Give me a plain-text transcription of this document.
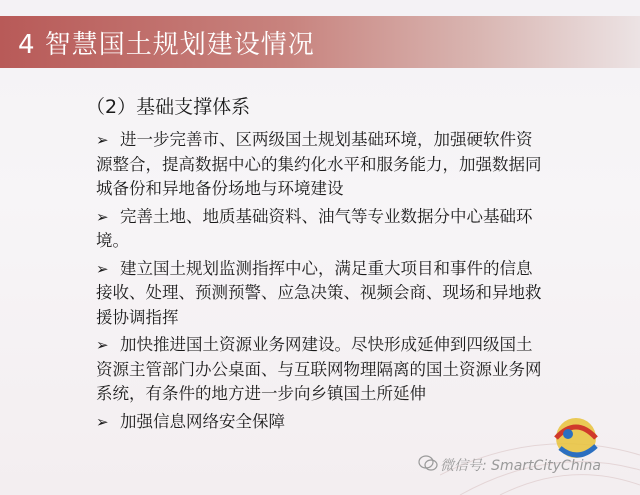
4 智慧国土规划建设情况
（2）基础支撑体系
➢ 进一步完善市、区两级国土规划基础环境，加强硬软件资
源整合，提高数据中心的集约化水平和服务能力，加强数据同
城备份和异地备份场地与环境建设
➢ 完善土地、地质基础资料、油气等专业数据分中心基础环
境。
➢ 建立国土规划监测指挥中心，满足重大项目和事件的信息
接收、处理、预测预警、应急决策、视频会商、现场和异地救
援协调指挥
➢ 加快推进国土资源业务网建设。尽快形成延伸到四级国土
资源主管部门办公桌面、与互联网物理隔离的国土资源业务网
系统，有条件的地方进一步向乡镇国土所延伸
➢ 加强信息网络安全保障
微信号: SmartCityChina
